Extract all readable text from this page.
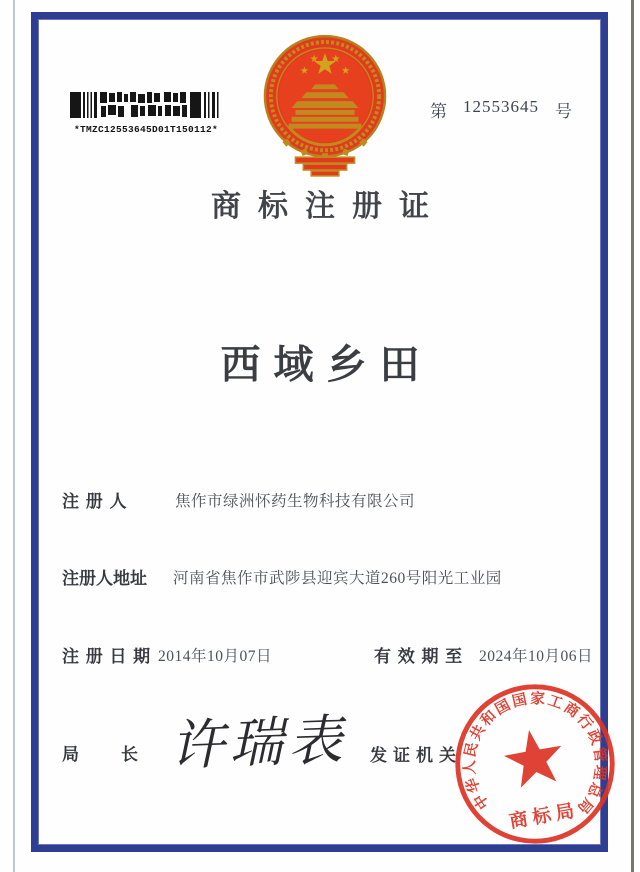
*TMZC12553645D01T150112*
第 12553645 号
商标注册证
西域乡田
注 册 人	焦作市绿洲怀药生物科技有限公司
注册人地址 河南省焦作市武陟县迎宾大道260号阳光工业园
注 册 日 期 2014年10月07日	有 效 期 至 2024年10月06日
局 长 许瑞表	发证机关
中华人民共和国国家工商行政管理总局
商标局
